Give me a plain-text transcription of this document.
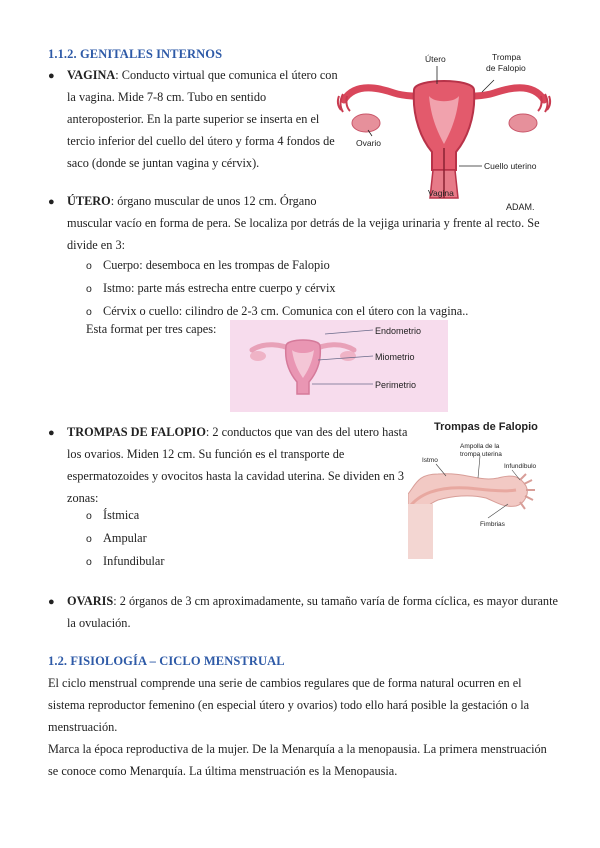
1.1.2. GENITALES INTERNOS
● VAGINA: Conducto virtual que comunica el útero con
la vagina. Mide 7-8 cm. Tubo en sentido
anteroposterior. En la parte superior se inserta en el
tercio inferior del cuello del útero y forma 4 fondos de
saco (donde se juntan vagina y cérvix).
Útero	Trompa
de Falopio
Ovario
Cuello uterino
Vagina
ADAM.
● ÚTERO: órgano muscular de unos 12 cm. Órgano
muscular vacío en forma de pera. Se localiza por detrás de la vejiga urinaria y frente al recto. Se
divide en 3:
o Cuerpo: desemboca en les trompas de Falopio
o Istmo: parte más estrecha entre cuerpo y cérvix
o Cérvix o cuello: cilindro de 2-3 cm. Comunica con el útero con la vagina..
Esta format per tres capes:	Endometrio
Miometrio
Perimetrio
● TROMPAS DE FALOPIO: 2 conductos que van des del utero hasta
los ovarios. Miden 12 cm. Su función es el transporte de
espermatozoides y ovocitos hasta la cavidad uterina. Se dividen en 3
zonas:
o Ístmica
o Ampular
o Infundibular
Trompas de Falopio
Ampolla de la
trompa uterina
Istmo
Infundíbulo
Fimbrias
● OVARIS: 2 órganos de 3 cm aproximadamente, su tamaño varía de forma cíclica, es mayor durante
la ovulación.
1.2. FISIOLOGÍA – CICLO MENSTRUAL
El ciclo menstrual comprende una serie de cambios regulares que de forma natural ocurren en el
sistema reproductor femenino (en especial útero y ovarios) todo ello hará posible la gestación o la
menstruación.
Marca la época reproductiva de la mujer. De la Menarquía a la menopausia. La primera menstruación
se conoce como Menarquía. La última menstruación es la Menopausia.
